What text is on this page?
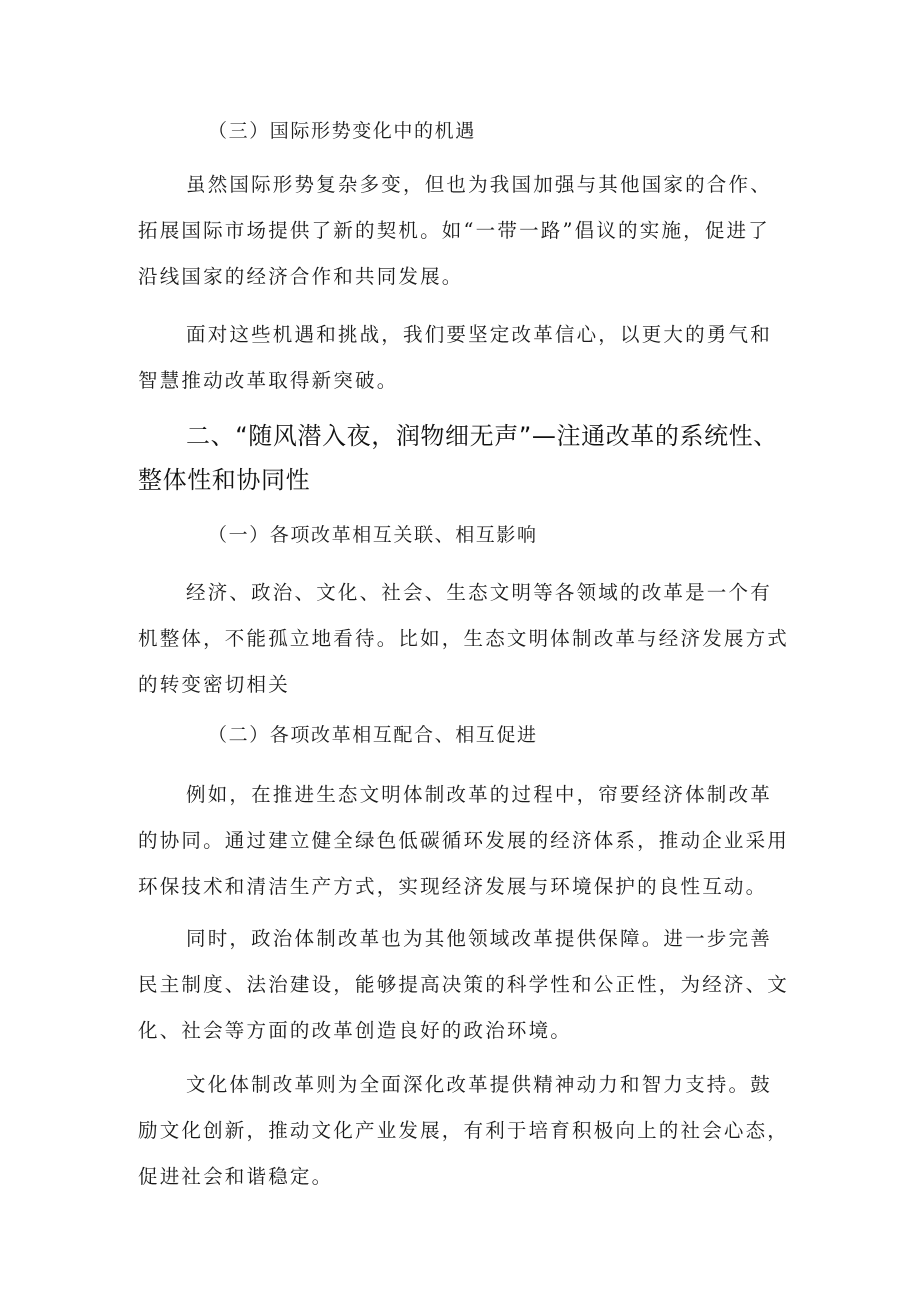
（三）国际形势变化中的机遇

虽然国际形势复杂多变，但也为我国加强与其他国家的合作、拓展国际市场提供了新的契机。如“一带一路”倡议的实施，促进了沿线国家的经济合作和共同发展。

面对这些机遇和挑战，我们要坚定改革信心，以更大的勇气和智慧推动改革取得新突破。

二、“随风潜入夜，润物细无声”—注通改革的系统性、整体性和协同性

（一）各项改革相互关联、相互影响

经济、政治、文化、社会、生态文明等各领域的改革是一个有机整体，不能孤立地看待。比如，生态文明体制改革与经济发展方式的转变密切相关

（二）各项改革相互配合、相互促进

例如，在推进生态文明体制改革的过程中，帘要经济体制改革的协同。通过建立健全绿色低碳循环发展的经济体系，推动企业采用环保技术和清洁生产方式，实现经济发展与环境保护的良性互动。

同时，政治体制改革也为其他领域改革提供保障。进一步完善民主制度、法治建设，能够提高决策的科学性和公正性，为经济、文化、社会等方面的改革创造良好的政治环境。

文化体制改革则为全面深化改革提供精神动力和智力支持。鼓励文化创新，推动文化产业发展，有利于培育积极向上的社会心态，促进社会和谐稳定。
